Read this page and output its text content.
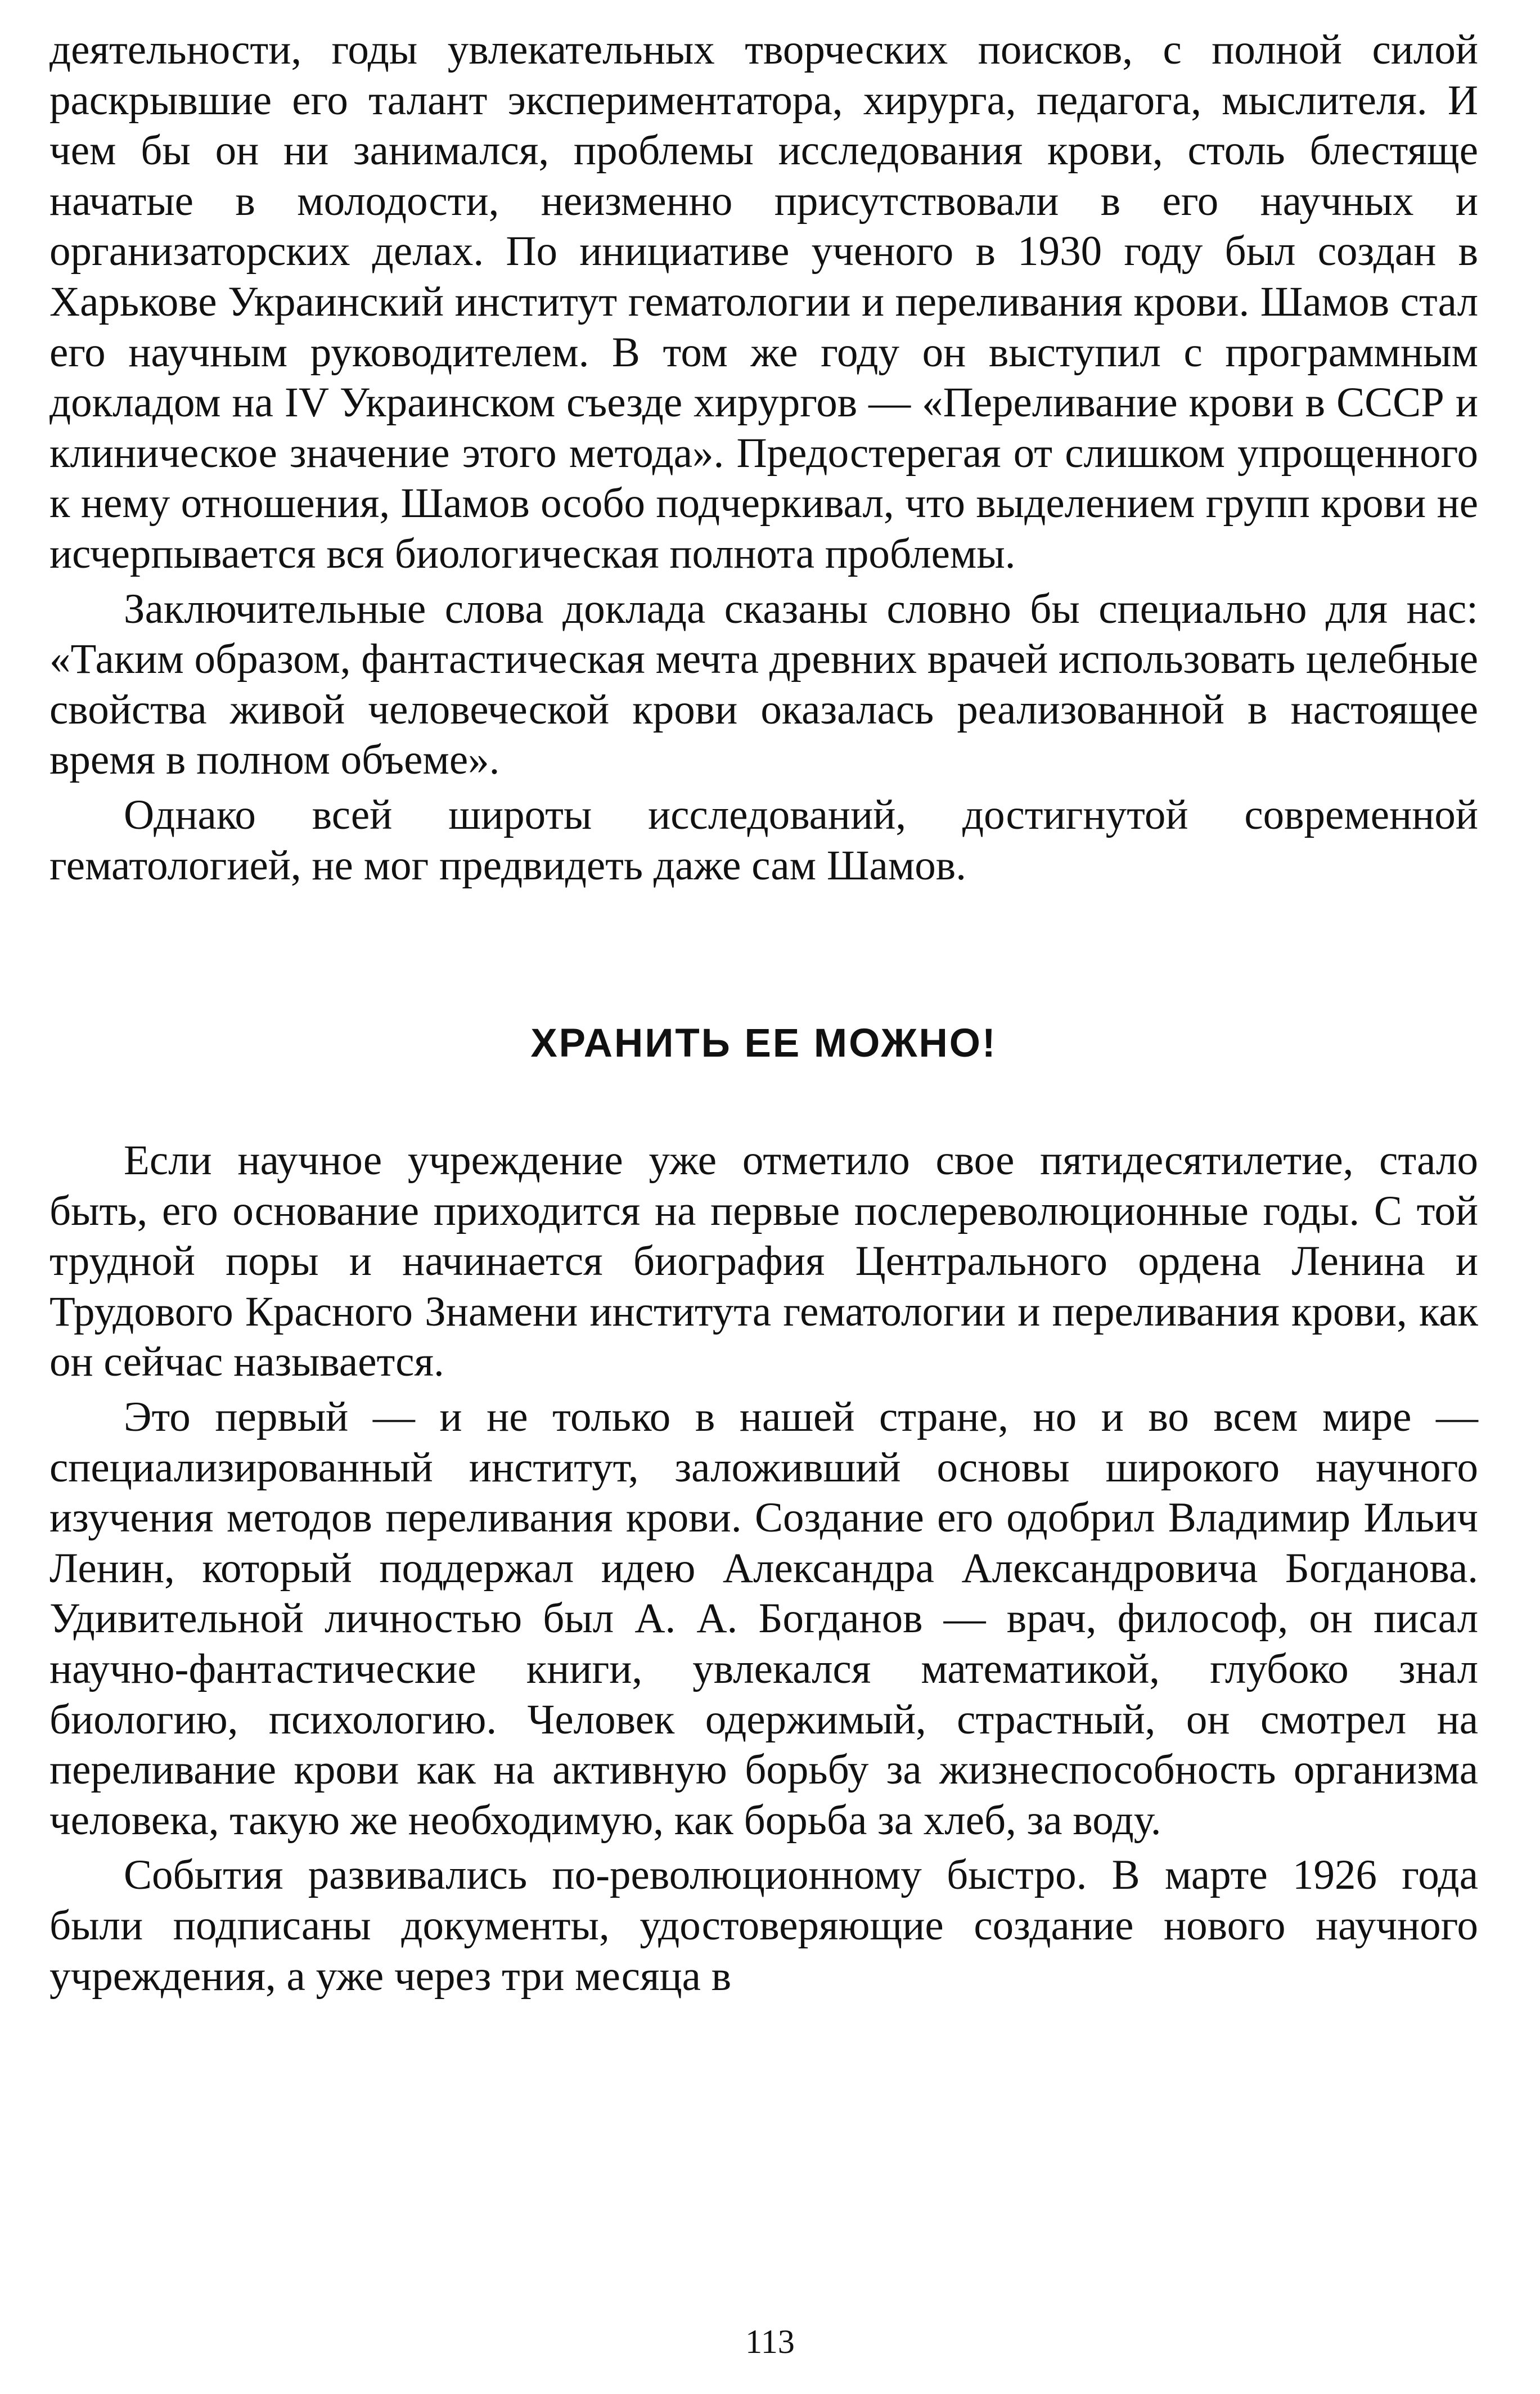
деятельности, годы увлекательных творческих поисков, с полной силой раскрывшие его талант экспериментатора, хирурга, педагога, мыслителя. И чем бы он ни занимался, проблемы исследования крови, столь блестяще начатые в молодости, неизменно присутствовали в его научных и организаторских делах. По инициативе ученого в 1930 году был создан в Харькове Украинский институт гематологии и переливания крови. Шамов стал его научным руководителем. В том же году он выступил с программным докладом на IV Украинском съезде хирургов — «Переливание крови в СССР и клиническое значение этого метода». Предостерегая от слишком упрощенного к нему отношения, Шамов особо подчеркивал, что выделением групп крови не исчерпывается вся биологическая полнота проблемы.

Заключительные слова доклада сказаны словно бы специально для нас: «Таким образом, фантастическая мечта древних врачей использовать целебные свойства живой человеческой крови оказалась реализованной в настоящее время в полном объеме».

Однако всей широты исследований, достигнутой современной гематологией, не мог предвидеть даже сам Шамов.

ХРАНИТЬ ЕЕ МОЖНО!

Если научное учреждение уже отметило свое пятидесятилетие, стало быть, его основание приходится на первые послереволюционные годы. С той трудной поры и начинается биография Центрального ордена Ленина и Трудового Красного Знамени института гематологии и переливания крови, как он сейчас называется.

Это первый — и не только в нашей стране, но и во всем мире — специализированный институт, заложивший основы широкого научного изучения методов переливания крови. Создание его одобрил Владимир Ильич Ленин, который поддержал идею Александра Александровича Богданова. Удивительной личностью был А. А. Богданов — врач, философ, он писал научно-фантастические книги, увлекался математикой, глубоко знал биологию, психологию. Человек одержимый, страстный, он смотрел на переливание крови как на активную борьбу за жизнеспособность организма человека, такую же необходимую, как борьба за хлеб, за воду.

События развивались по-революционному быстро. В марте 1926 года были подписаны документы, удостоверяющие создание нового научного учреждения, а уже через три месяца в

113
